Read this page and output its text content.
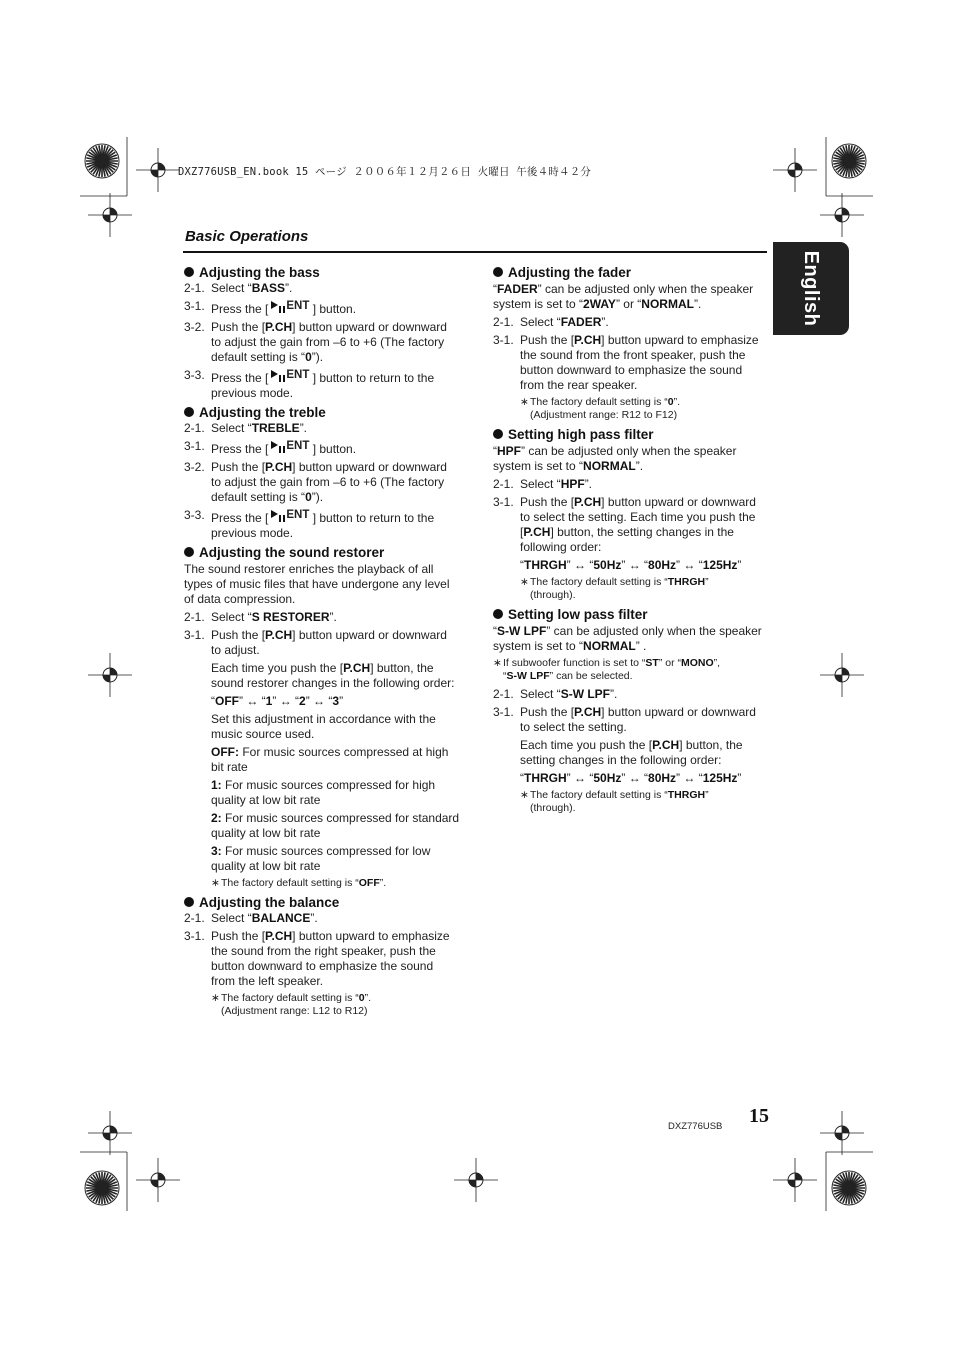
DXZ776USB_EN.book 15 ページ ２００６年１２月２６日 火曜日 午後４時４２分
Basic Operations
English
Adjusting the bass
2-1. Select “BASS”.
3-1. Press the [ ENT ] button.
3-2. Push the [P.CH] button upward or downward to adjust the gain from –6 to +6 (The factory default setting is “0”).
3-3. Press the [ ENT ] button to return to the previous mode.
Adjusting the treble
2-1. Select “TREBLE”.
3-1. Press the [ ENT ] button.
3-2. Push the [P.CH] button upward or downward to adjust the gain from –6 to +6 (The factory default setting is “0”).
3-3. Press the [ ENT ] button to return to the previous mode.
Adjusting the sound restorer
The sound restorer enriches the playback of all types of music files that have undergone any level of data compression.
2-1. Select “S RESTORER”.
3-1. Push the [P.CH] button upward or downward to adjust.
Each time you push the [P.CH] button, the sound restorer changes in the following order:
“OFF” ↔ “1” ↔ “2” ↔ “3”
Set this adjustment in accordance with the music source used.
OFF: For music sources compressed at high bit rate
1: For music sources compressed for high quality at low bit rate
2: For music sources compressed for standard quality at low bit rate
3: For music sources compressed for low quality at low bit rate
∗The factory default setting is “OFF”.
Adjusting the balance
2-1. Select “BALANCE”.
3-1. Push the [P.CH] button upward to emphasize the sound from the right speaker, push the button downward to emphasize the sound from the left speaker.
∗The factory default setting is “0”.
(Adjustment range: L12 to R12)
Adjusting the fader
“FADER” can be adjusted only when the speaker system is set to “2WAY” or “NORMAL”.
2-1. Select “FADER”.
3-1. Push the [P.CH] button upward to emphasize the sound from the front speaker, push the button downward to emphasize the sound from the rear speaker.
∗The factory default setting is “0”.
(Adjustment range: R12 to F12)
Setting high pass filter
“HPF” can be adjusted only when the speaker system is set to “NORMAL”.
2-1. Select “HPF”.
3-1. Push the [P.CH] button upward or downward to select the setting. Each time you push the [P.CH] button, the setting changes in the following order:
“THRGH” ↔ “50Hz” ↔ “80Hz” ↔ “125Hz”
∗The factory default setting is “THRGH”
(through).
Setting low pass filter
“S-W LPF” can be adjusted only when the speaker system is set to “NORMAL” .
∗If subwoofer function is set to “ST” or “MONO”,
“S-W LPF” can be selected.
2-1. Select “S-W LPF”.
3-1. Push the [P.CH] button upward or downward to select the setting.
Each time you push the [P.CH] button, the setting changes in the following order:
“THRGH” ↔ “50Hz” ↔ “80Hz” ↔ “125Hz”
∗The factory default setting is “THRGH”
(through).
DXZ776USB 15
